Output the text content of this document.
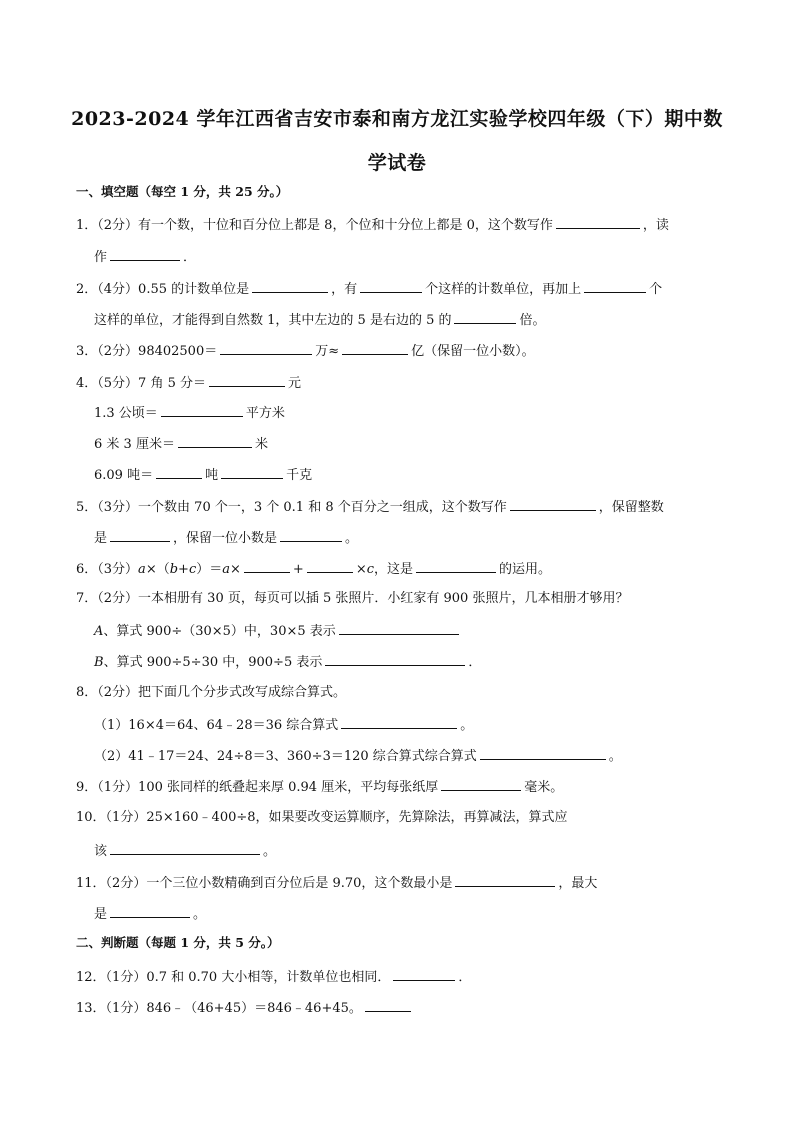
2023-2024 学年江西省吉安市泰和南方龙江实验学校四年级（下）期中数
学试卷
一、填空题（每空 1 分，共 25 分。）
1．（2分）有一个数，十位和百分位上都是 8，个位和十分位上都是 0，这个数写作	，读
作	．
2．（4分）0.55 的计数单位是	，有	个这样的计数单位，再加上	个
这样的单位，才能得到自然数 1，其中左边的 5 是右边的 5 的	倍。
3．（2分）98402500＝	万≈	亿（保留一位小数）。
4．（5分）7 角 5 分＝	元
1.3 公顷＝	平方米
6 米 3 厘米＝	米
6.09 吨＝	吨	千克
5．（3分）一个数由 70 个一，3 个 0.1 和 8 个百分之一组成，这个数写作	，保留整数
是	，保留一位小数是	。
6．（3分）a×（b+c）＝a×	+	×c，这是	的运用。
7．（2分）一本相册有 30 页，每页可以插 5 张照片．小红家有 900 张照片，几本相册才够用？
A、算式 900÷（30×5）中，30×5 表示
B、算式 900÷5÷30 中，900÷5 表示	．
8．（2分）把下面几个分步式改写成综合算式。
（1）16×4＝64、64﹣28＝36 综合算式	。
（2）41﹣17＝24、24÷8＝3、360÷3＝120 综合算式综合算式	。
9．（1分）100 张同样的纸叠起来厚 0.94 厘米，平均每张纸厚	毫米。
10．（1分）25×160﹣400÷8，如果要改变运算顺序，先算除法，再算减法，算式应
该	。
11．（2分）一个三位小数精确到百分位后是 9.70，这个数最小是	，最大
是	。
二、判断题（每题 1 分，共 5 分。）
12．（1分）0.7 和 0.70 大小相等，计数单位也相同．	．
13．（1分）846﹣（46+45）＝846﹣46+45。
